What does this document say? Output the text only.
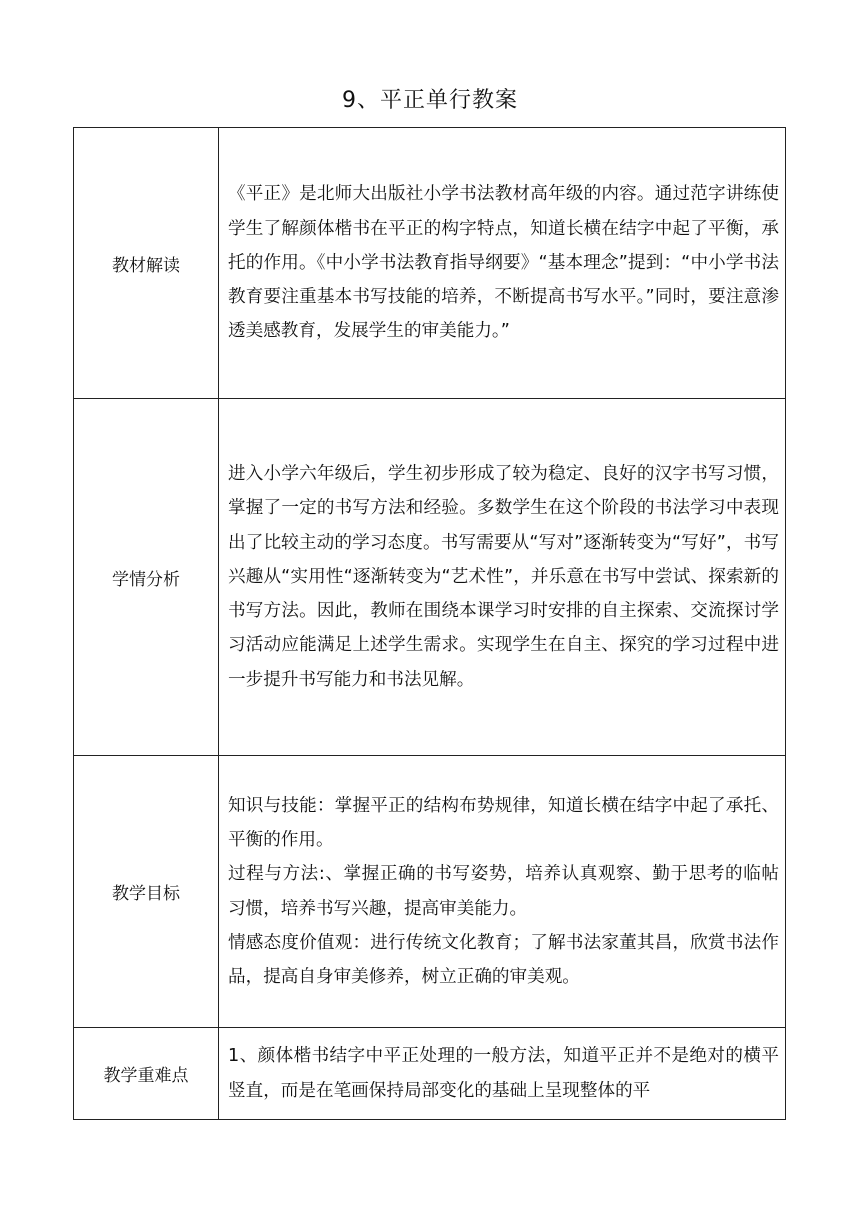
9、平正单行教案
教材解读	《平正》是北师大出版社小学书法教材高年级的内容。通过范字讲练使学生了解颜体楷书在平正的构字特点，知道长横在结字中起了平衡，承托的作用。《中小学书法教育指导纲要》“基本理念”提到：“中小学书法教育要注重基本书写技能的培养，不断提高书写水平。”同时，要注意渗透美感教育，发展学生的审美能力。”

学情分析	进入小学六年级后，学生初步形成了较为稳定、良好的汉字书写习惯，掌握了一定的书写方法和经验。多数学生在这个阶段的书法学习中表现出了比较主动的学习态度。书写需要从“写对”逐渐转变为“写好”，书写兴趣从“实用性“逐渐转变为“艺术性”，并乐意在书写中尝试、探索新的书写方法。因此，教师在围绕本课学习时安排的自主探索、交流探讨学习活动应能满足上述学生需求。实现学生在自主、探究的学习过程中进一步提升书写能力和书法见解。

教学目标	知识与技能：掌握平正的结构布势规律，知道长横在结字中起了承托、平衡的作用。

过程与方法:、掌握正确的书写姿势，培养认真观察、勤于思考的临帖习惯，培养书写兴趣，提高审美能力。

情感态度价值观：进行传统文化教育；了解书法家董其昌，欣赏书法作品，提高自身审美修养，树立正确的审美观。

教学重难点	1、颜体楷书结字中平正处理的一般方法，知道平正并不是绝对的横平竖直，而是在笔画保持局部变化的基础上呈现整体的平
